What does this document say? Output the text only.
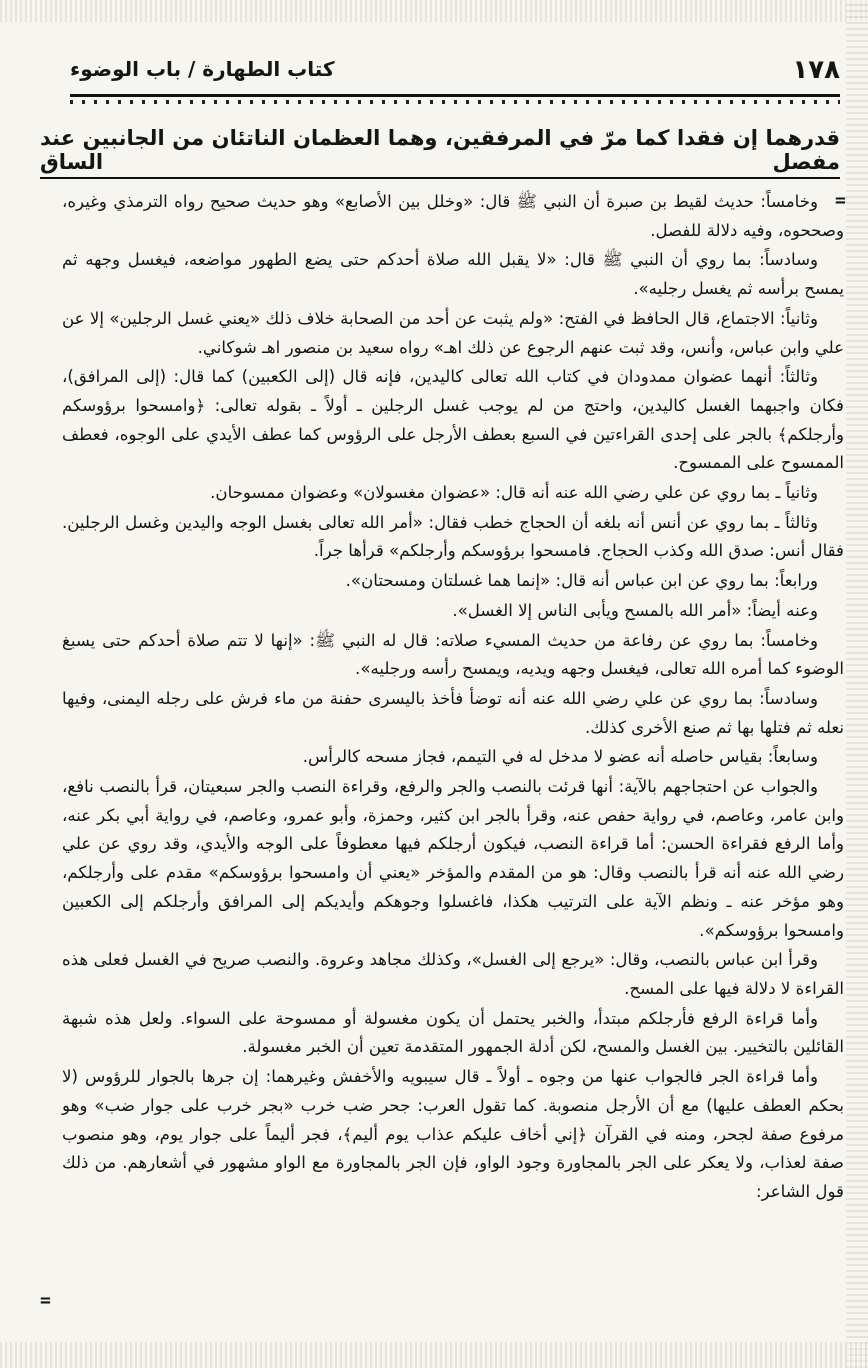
١٧٨
كتاب الطهارة / باب الوضوء
قدرهما إن فقدا كما مرّ في المرفقين، وهما العظمان الناتئان من الجانبين عند مفصل الساق
=
=

وخامساً: حديث لقيط بن صبرة أن النبي ﷺ قال: «وخلل بين الأصابع» وهو حديث صحيح رواه الترمذي وغيره، وصححوه، وفيه دلالة للفصل.

وسادساً: بما روي أن النبي ﷺ قال: «لا يقبل الله صلاة أحدكم حتى يضع الطهور مواضعه، فيغسل وجهه ثم يمسح برأسه ثم يغسل رجليه».

وثانياً: الاجتماع، قال الحافظ في الفتح: «ولم يثبت عن أحد من الصحابة خلاف ذلك «يعني غسل الرجلين» إلا عن علي وابن عباس، وأنس، وقد ثبت عنهم الرجوع عن ذلك اهـ» رواه سعيد بن منصور اهـ شوكاني.

وثالثاً: أنهما عضوان ممدودان في كتاب الله تعالى كاليدين، فإنه قال (إلى الكعبين) كما قال: (إلى المرافق)، فكان واجبهما الغسل كاليدين، واحتج من لم يوجب غسل الرجلين ـ أولاً ـ بقوله تعالى: ﴿وامسحوا برؤوسكم وأرجلكم﴾ بالجر على إحدى القراءتين في السبع بعطف الأرجل على الرؤوس كما عطف الأيدي على الوجوه، فعطف الممسوح على الممسوح.

وثانياً ـ بما روي عن علي رضي الله عنه أنه قال: «عضوان مغسولان» وعضوان ممسوحان.

وثالثاً ـ بما روي عن أنس أنه بلغه أن الحجاج خطب فقال: «أمر الله تعالى بغسل الوجه واليدين وغسل الرجلين. فقال أنس: صدق الله وكذب الحجاج. فامسحوا برؤوسكم وأرجلكم» قرأها جراً.

ورابعاً: بما روي عن ابن عباس أنه قال: «إنما هما غسلتان ومسحتان».

وعنه أيضاً: «أمر الله بالمسح ويأبى الناس إلا الغسل».

وخامساً: بما روي عن رفاعة من حديث المسيء صلاته: قال له النبي ﷺ: «إنها لا تتم صلاة أحدكم حتى يسبغ الوضوء كما أمره الله تعالى، فيغسل وجهه ويديه، ويمسح رأسه ورجليه».

وسادساً: بما روي عن علي رضي الله عنه أنه توضأ فأخذ باليسرى حفنة من ماء فرش على رجله اليمنى، وفيها نعله ثم فتلها بها ثم صنع الأخرى كذلك.

وسابعاً: بقياس حاصله أنه عضو لا مدخل له في التيمم، فجاز مسحه كالرأس.

والجواب عن احتجاجهم بالآية: أنها قرئت بالنصب والجر والرفع، وقراءة النصب والجر سبعيتان، قرأ بالنصب نافع، وابن عامر، وعاصم، في رواية حفص عنه، وقرأ بالجر ابن كثير، وحمزة، وأبو عمرو، وعاصم، في رواية أبي بكر عنه، وأما الرفع فقراءة الحسن: أما قراءة النصب، فيكون أرجلكم فيها معطوفاً على الوجه والأيدي، وقد روي عن علي رضي الله عنه أنه قرأ بالنصب وقال: هو من المقدم والمؤخر «يعني أن وامسحوا برؤوسكم» مقدم على وأرجلكم، وهو مؤخر عنه ـ ونظم الآية على الترتيب هكذا، فاغسلوا وجوهكم وأيديكم إلى المرافق وأرجلكم إلى الكعبين وامسحوا برؤوسكم».

وقرأ ابن عباس بالنصب، وقال: «يرجع إلى الغسل»، وكذلك مجاهد وعروة. والنصب صريح في الغسل فعلى هذه القراءة لا دلالة فيها على المسح.

وأما قراءة الرفع فأرجلكم مبتدأ، والخبر يحتمل أن يكون مغسولة أو ممسوحة على السواء. ولعل هذه شبهة القائلين بالتخيير. بين الغسل والمسح، لكن أدلة الجمهور المتقدمة تعين أن الخبر مغسولة.

وأما قراءة الجر فالجواب عنها من وجوه ـ أولاً ـ قال سيبويه والأخفش وغيرهما: إن جرها بالجوار للرؤوس (لا بحكم العطف عليها) مع أن الأرجل منصوبة. كما تقول العرب: جحر ضب خرب «بجر خرب على جوار ضب» وهو مرفوع صفة لجحر، ومنه في القرآن ﴿إني أخاف عليكم عذاب يوم أليم﴾، فجر أليماً على جوار يوم، وهو منصوب صفة لعذاب، ولا يعكر على الجر بالمجاورة وجود الواو، فإن الجر بالمجاورة مع الواو مشهور في أشعارهم. من ذلك قول الشاعر:
